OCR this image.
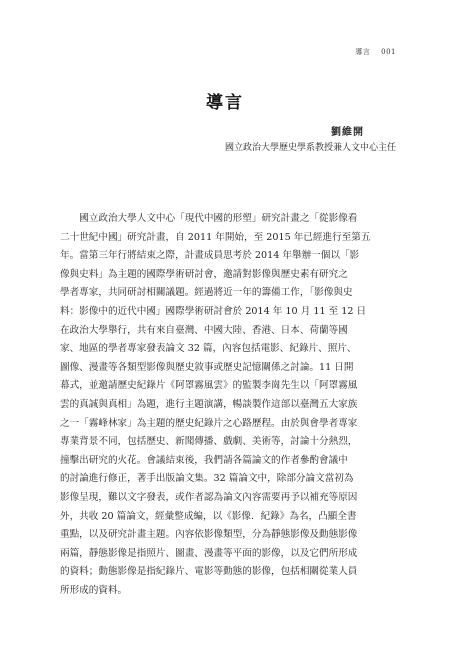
導言 001
導言
劉維開
國立政治大學歷史學系教授兼人文中心主任
　　國立政治大學人文中心「現代中國的形塑」研究計畫之「從影像看
二十世紀中國」研究計畫，自 2011 年開始，至 2015 年已經進行至第五
年。當第三年行將結束之際，計畫成員思考於 2014 年舉辦一個以「影
像與史料」為主題的國際學術研討會，邀請對影像與歷史素有研究之
學者專家，共同研討相關議題。經過將近一年的籌備工作，「影像與史
料：影像中的近代中國」國際學術研討會於 2014 年 10 月 11 至 12 日
在政治大學舉行，共有來自臺灣、中國大陸、香港、日本、荷蘭等國
家、地區的學者專家發表論文 32 篇，內容包括電影、紀錄片、照片、
圖像、漫畫等各類型影像與歷史敘事或歷史記憶關係之討論。11 日開
幕式，並邀請歷史紀錄片《阿罩霧風雲》的監製李崗先生以「阿罩霧風
雲的真誠與真相」為題，進行主題演講，暢談製作這部以臺灣五大家族
之一「霧峰林家」為主題的歷史紀錄片之心路歷程。由於與會學者專家
專業背景不同，包括歷史、新聞傳播、戲劇、美術等，討論十分熱烈，
撞擊出研究的火花。會議結束後，我們請各篇論文的作者參酌會議中
的討論進行修正，著手出版論文集。32 篇論文中，除部分論文當初為
影像呈現，難以文字發表，或作者認為論文內容需要再予以補充等原因
外，共收 20 篇論文，經彙整成編，以《影像．紀錄》為名，凸顯全書
重點，以及研究計畫主題。內容依影像類型，分為靜態影像及動態影像
兩篇，靜態影像是指照片、圖畫、漫畫等平面的影像，以及它們所形成
的資料；動態影像是指紀錄片、電影等動態的影像，包括相關從業人員
所形成的資料。
